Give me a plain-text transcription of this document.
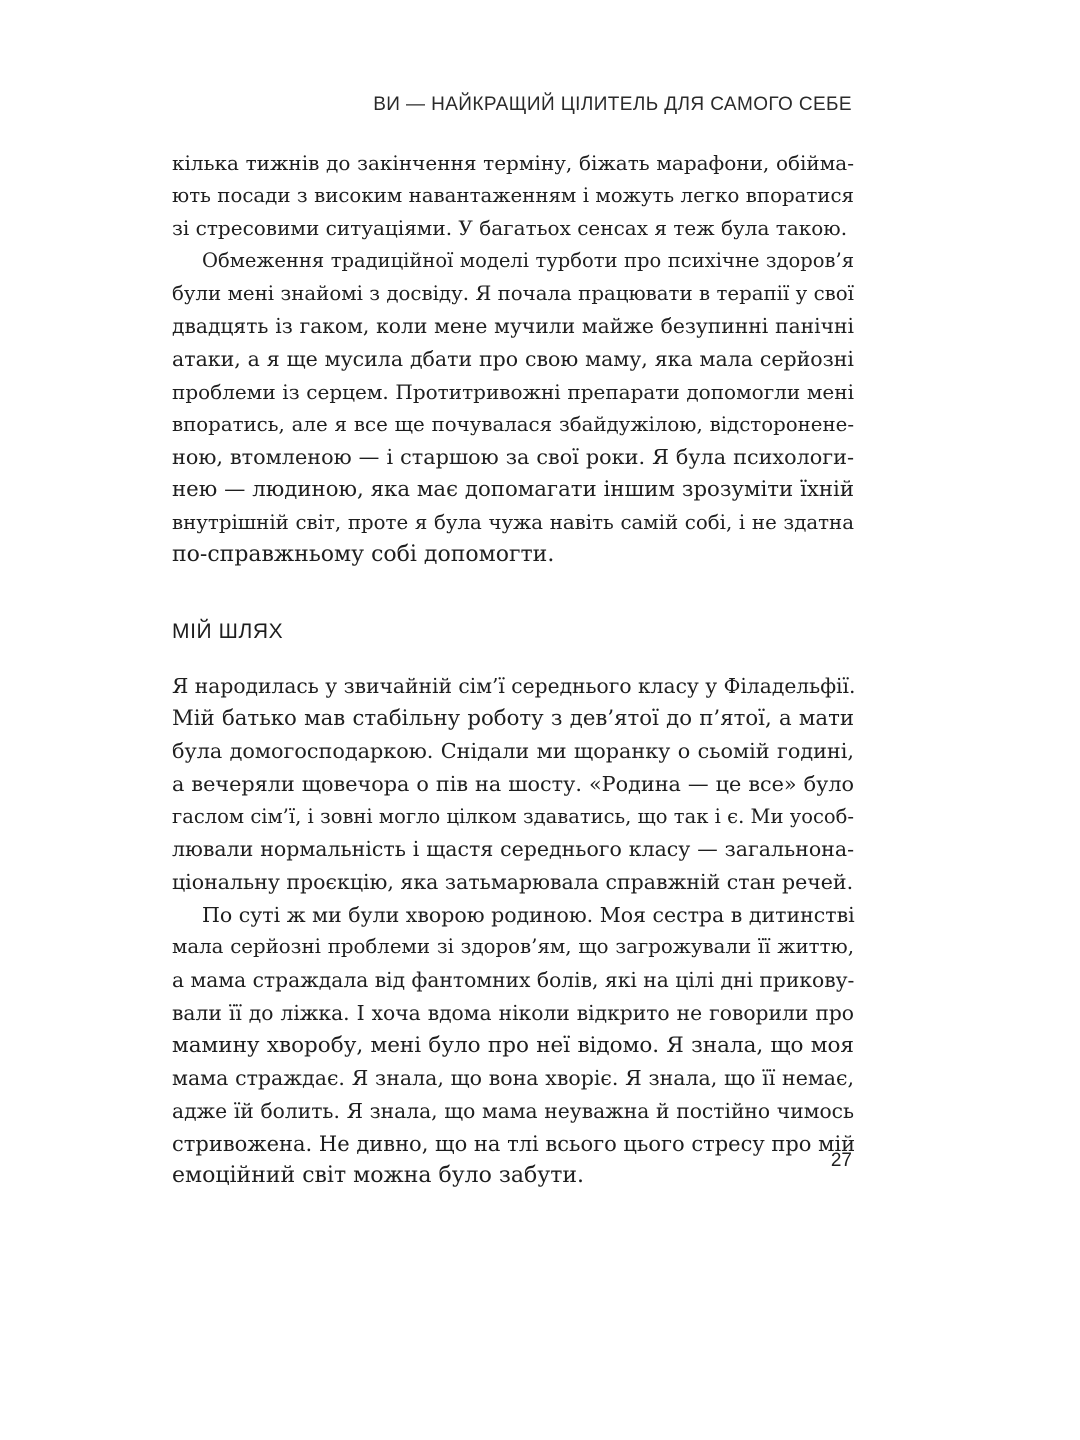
ВИ — НАЙКРАЩИЙ ЦІЛИТЕЛЬ ДЛЯ САМОГО СЕБЕ
кілька тижнів до закінчення терміну, біжать марафони, обійма-
ють посади з високим навантаженням і можуть легко впоратися
зі стресовими ситуаціями. У багатьох сенсах я теж була такою.
Обмеження традиційної моделі турботи про психічне здоров’я
були мені знайомі з досвіду. Я почала працювати в терапії у свої
двадцять із гаком, коли мене мучили майже безупинні панічні
атаки, а я ще мусила дбати про свою маму, яка мала серйозні
проблеми із серцем. Протитривожні препарати допомогли мені
впоратись, але я все ще почувалася збайдужілою, відсторонене-
ною, втомленою — і старшою за свої роки. Я була психологи-
нею — людиною, яка має допомагати іншим зрозуміти їхній
внутрішній світ, проте я була чужа навіть самій собі, і не здатна
по-справжньому собі допомогти.
МІЙ ШЛЯХ
Я народилась у звичайній сім’ї середнього класу у Філадельфії.
Мій батько мав стабільну роботу з дев’ятої до п’ятої, а мати
була домогосподаркою. Снідали ми щоранку о сьомій годині,
а вечеряли щовечора о пів на шосту. «Родина — це все» було
гаслом сім’ї, і зовні могло цілком здаватись, що так і є. Ми уособ-
лювали нормальність і щастя середнього класу — загальнона-
ціональну проєкцію, яка затьмарювала справжній стан речей.
По суті ж ми були хворою родиною. Моя сестра в дитинстві
мала серйозні проблеми зі здоров’ям, що загрожували її життю,
а мама страждала від фантомних болів, які на цілі дні прикову-
вали її до ліжка. І хоча вдома ніколи відкрито не говорили про
мамину хворобу, мені було про неї відомо. Я знала, що моя
мама страждає. Я знала, що вона хворіє. Я знала, що її немає,
адже їй болить. Я знала, що мама неуважна й постійно чимось
стривожена. Не дивно, що на тлі всього цього стресу про мій
емоційний світ можна було забути.
27
